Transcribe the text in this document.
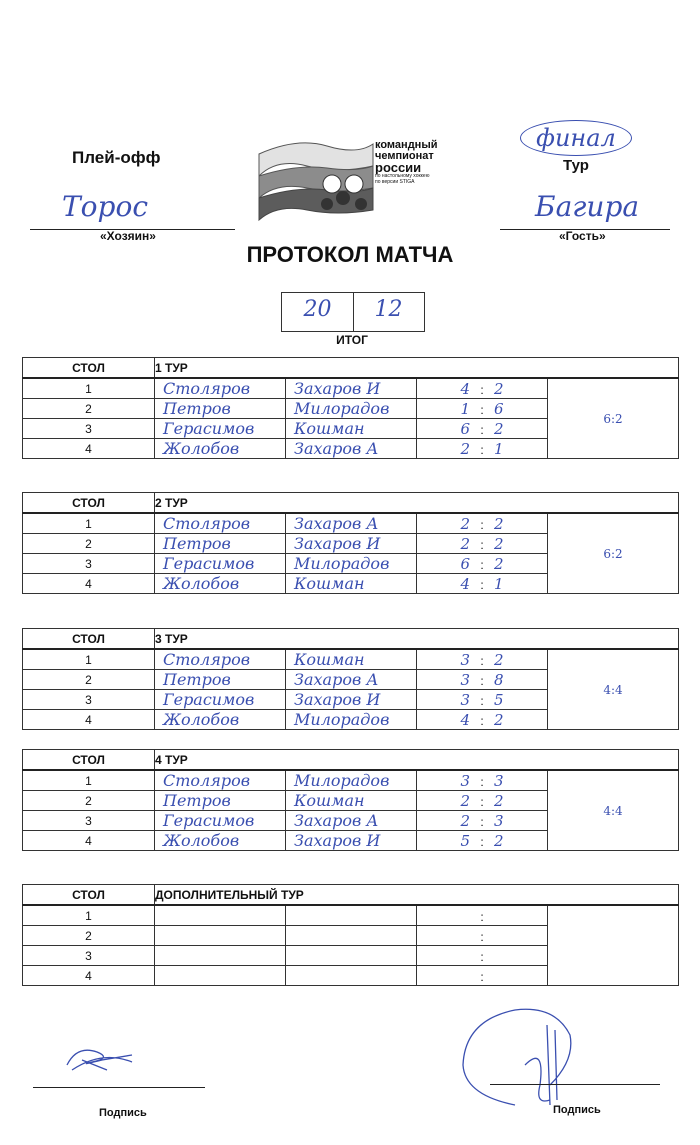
Плей-офф
Торос
«Хозяин»
финал
Тур
Багира
«Гость»
командный
чемпионат
россии
по настольному хоккею
по версии STIGA
ПРОТОКОЛ МАТЧА
20	12
ИТОГ
СТОЛ	1 ТУР			
1	Столяров	Захаров И	4 : 2	6:2
2	Петров	Милорадов	1 : 6	
3	Герасимов	Кошман	6 : 2	
4	Жолобов	Захаров А	2 : 1	
СТОЛ	2 ТУР			
1	Столяров	Захаров А	2 : 2	6:2
2	Петров	Захаров И	2 : 2	
3	Герасимов	Милорадов	6 : 2	
4	Жолобов	Кошман	4 : 1	
СТОЛ	3 ТУР			
1	Столяров	Кошман	3 : 2	4:4
2	Петров	Захаров А	3 : 8	
3	Герасимов	Захаров И	3 : 5	
4	Жолобов	Милорадов	4 : 2	
СТОЛ	4 ТУР			
1	Столяров	Милорадов	3 : 3	4:4
2	Петров	Кошман	2 : 2	
3	Герасимов	Захаров А	2 : 3	
4	Жолобов	Захаров И	5 : 2	
СТОЛ	ДОПОЛНИТЕЛЬНЫЙ ТУР			
1			:	
2			:	
3			:	
4			:	
Подпись	Подпись
